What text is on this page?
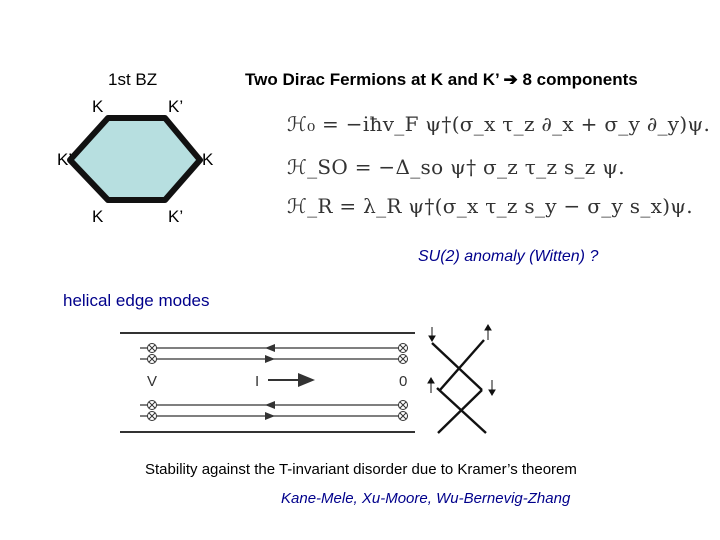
1st BZ	Two Dirac Fermions at K and K’ ➔ 8 components
K	K’
K’	K
K	K’
ℋ₀ = −iħv_F ψ†(σ_x τ_z ∂_x + σ_y ∂_y)ψ.
ℋ_SO = −Δ_so ψ† σ_z τ_z s_z ψ.
ℋ_R = λ_R ψ†(σ_x τ_z s_y − σ_y s_x)ψ.
SU(2) anomaly (Witten) ?
helical edge modes
V	I	0
Stability against the T-invariant disorder due to Kramer’s theorem
Kane-Mele, Xu-Moore, Wu-Bernevig-Zhang
